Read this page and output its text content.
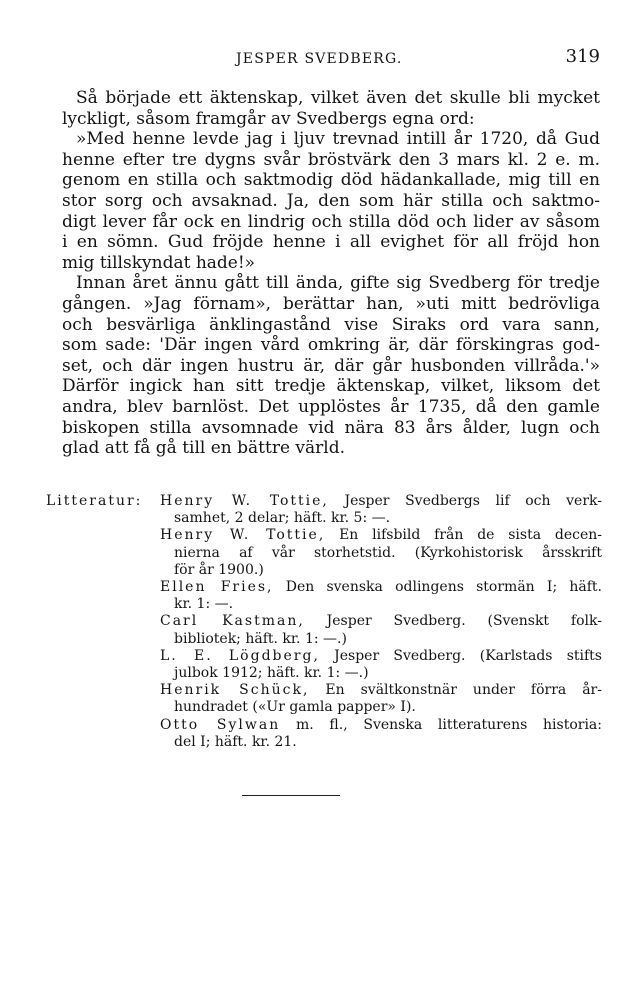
JESPER SVEDBERG.	319
Så började ett äktenskap, vilket även det skulle bli mycket
lyckligt, såsom framgår av Svedbergs egna ord:
»Med henne levde jag i ljuv trevnad intill år 1720, då Gud
henne efter tre dygns svår bröstvärk den 3 mars kl. 2 e. m.
genom en stilla och saktmodig död hädankallade, mig till en
stor sorg och avsaknad. Ja, den som här stilla och saktmo-
digt lever får ock en lindrig och stilla död och lider av såsom
i en sömn. Gud fröjde henne i all evighet för all fröjd hon
mig tillskyndat hade!»
Innan året ännu gått till ända, gifte sig Svedberg för tredje
gången. »Jag förnam», berättar han, »uti mitt bedrövliga
och besvärliga änklingastånd vise Siraks ord vara sann,
som sade: 'Där ingen vård omkring är, där förskingras god-
set, och där ingen hustru är, där går husbonden villråda.'»
Därför ingick han sitt tredje äktenskap, vilket, liksom det
andra, blev barnlöst. Det upplöstes år 1735, då den gamle
biskopen stilla avsomnade vid nära 83 års ålder, lugn och
glad att få gå till en bättre värld.
Litteratur: Henry W. Tottie, Jesper Svedbergs lif och verk-
samhet, 2 delar; häft. kr. 5: —.
Henry W. Tottie, En lifsbild från de sista decen-
nierna af vår storhetstid. (Kyrkohistorisk årsskrift
för år 1900.)
Ellen Fries, Den svenska odlingens stormän I; häft.
kr. 1: —.
Carl Kastman, Jesper Svedberg. (Svenskt folk-
bibliotek; häft. kr. 1: —.)
L. E. Lögdberg, Jesper Svedberg. (Karlstads stifts
julbok 1912; häft. kr. 1: —.)
Henrik Schück, En svältkonstnär under förra år-
hundradet («Ur gamla papper» I).
Otto Sylwan m. fl., Svenska litteraturens historia:
del I; häft. kr. 21.
